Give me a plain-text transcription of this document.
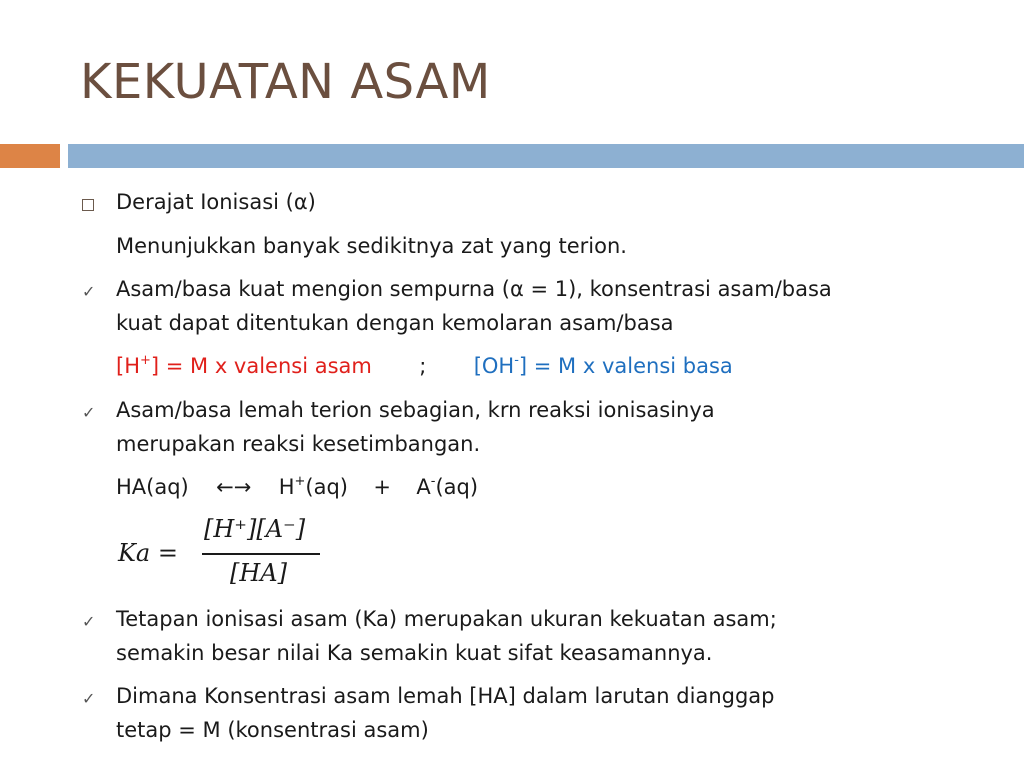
KEKUATAN ASAM
Derajat Ionisasi (α)
Menunjukkan banyak sedikitnya zat yang terion.
✓ Asam/basa kuat mengion sempurna (α = 1), konsentrasi asam/basa
kuat dapat ditentukan dengan kemolaran asam/basa
[H+] = M x valensi asam ; [OH-] = M x valensi basa
✓ Asam/basa lemah terion sebagian, krn reaksi ionisasinya
merupakan reaksi kesetimbangan.
HA(aq) ←→ H+(aq) + A-(aq)
Ka =
[H⁺][A⁻]
[HA]
✓ Tetapan ionisasi asam (Ka) merupakan ukuran kekuatan asam;
semakin besar nilai Ka semakin kuat sifat keasamannya.
✓ Dimana Konsentrasi asam lemah [HA] dalam larutan dianggap
tetap = M (konsentrasi asam)
